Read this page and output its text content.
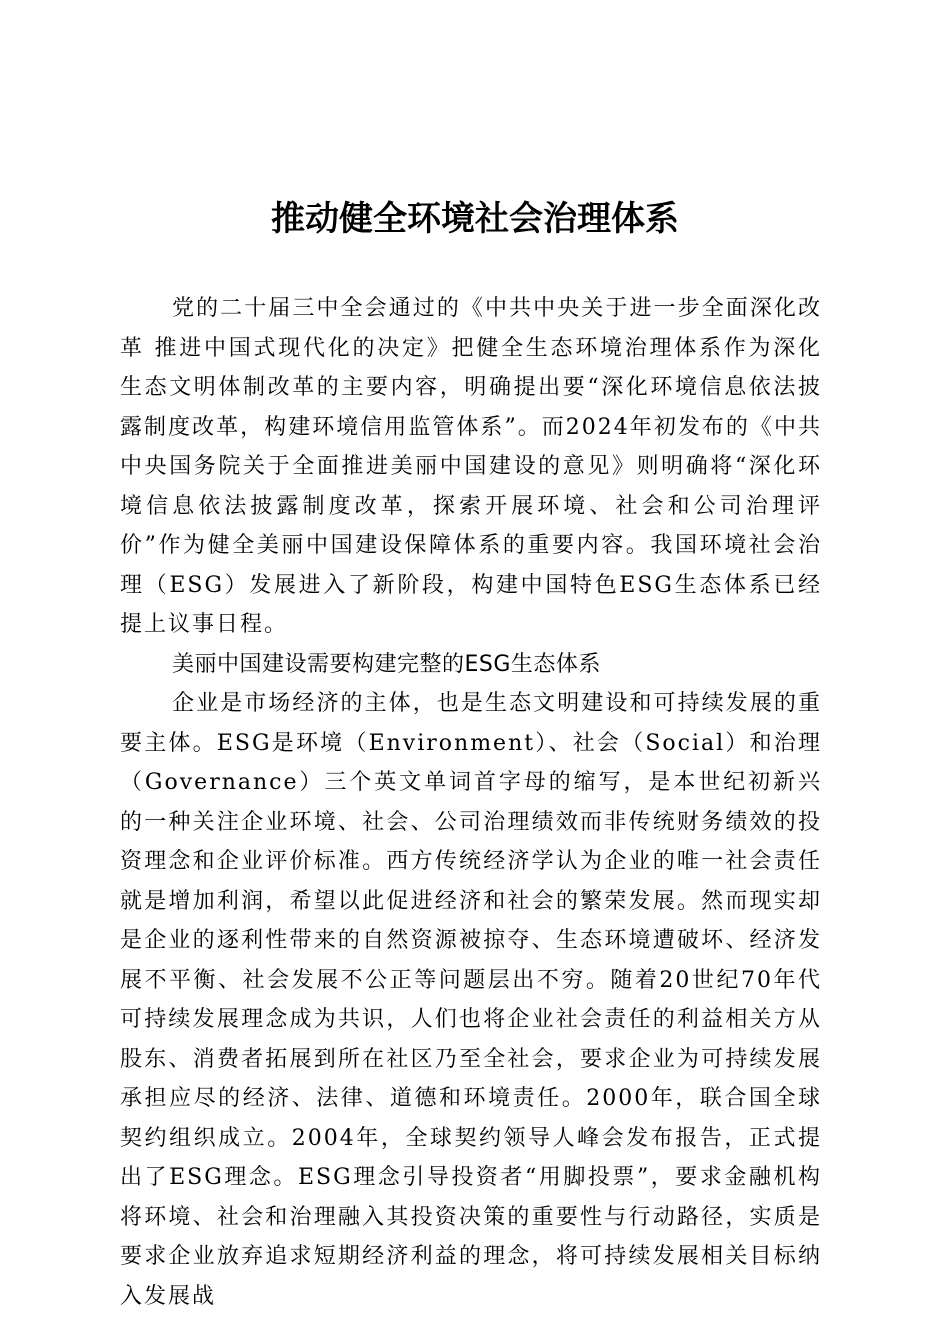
推动健全环境社会治理体系

党的二十届三中全会通过的《中共中央关于进一步全面深化改革 推进中国式现代化的决定》把健全生态环境治理体系作为深化生态文明体制改革的主要内容，明确提出要“深化环境信息依法披露制度改革，构建环境信用监管体系”。而2024年初发布的《中共中央国务院关于全面推进美丽中国建设的意见》则明确将“深化环境信息依法披露制度改革，探索开展环境、社会和公司治理评价”作为健全美丽中国建设保障体系的重要内容。我国环境社会治理（ESG）发展进入了新阶段，构建中国特色ESG生态体系已经提上议事日程。

美丽中国建设需要构建完整的ESG生态体系

企业是市场经济的主体，也是生态文明建设和可持续发展的重要主体。ESG是环境（Environment）、社会（Social）和治理（Governance）三个英文单词首字母的缩写，是本世纪初新兴的一种关注企业环境、社会、公司治理绩效而非传统财务绩效的投资理念和企业评价标准。西方传统经济学认为企业的唯一社会责任就是增加利润，希望以此促进经济和社会的繁荣发展。然而现实却是企业的逐利性带来的自然资源被掠夺、生态环境遭破坏、经济发展不平衡、社会发展不公正等问题层出不穷。随着20世纪70年代可持续发展理念成为共识，人们也将企业社会责任的利益相关方从股东、消费者拓展到所在社区乃至全社会，要求企业为可持续发展承担应尽的经济、法律、道德和环境责任。2000年，联合国全球契约组织成立。2004年，全球契约领导人峰会发布报告，正式提出了ESG理念。ESG理念引导投资者“用脚投票”，要求金融机构将环境、社会和治理融入其投资决策的重要性与行动路径，实质是要求企业放弃追求短期经济利益的理念，将可持续发展相关目标纳入发展战
